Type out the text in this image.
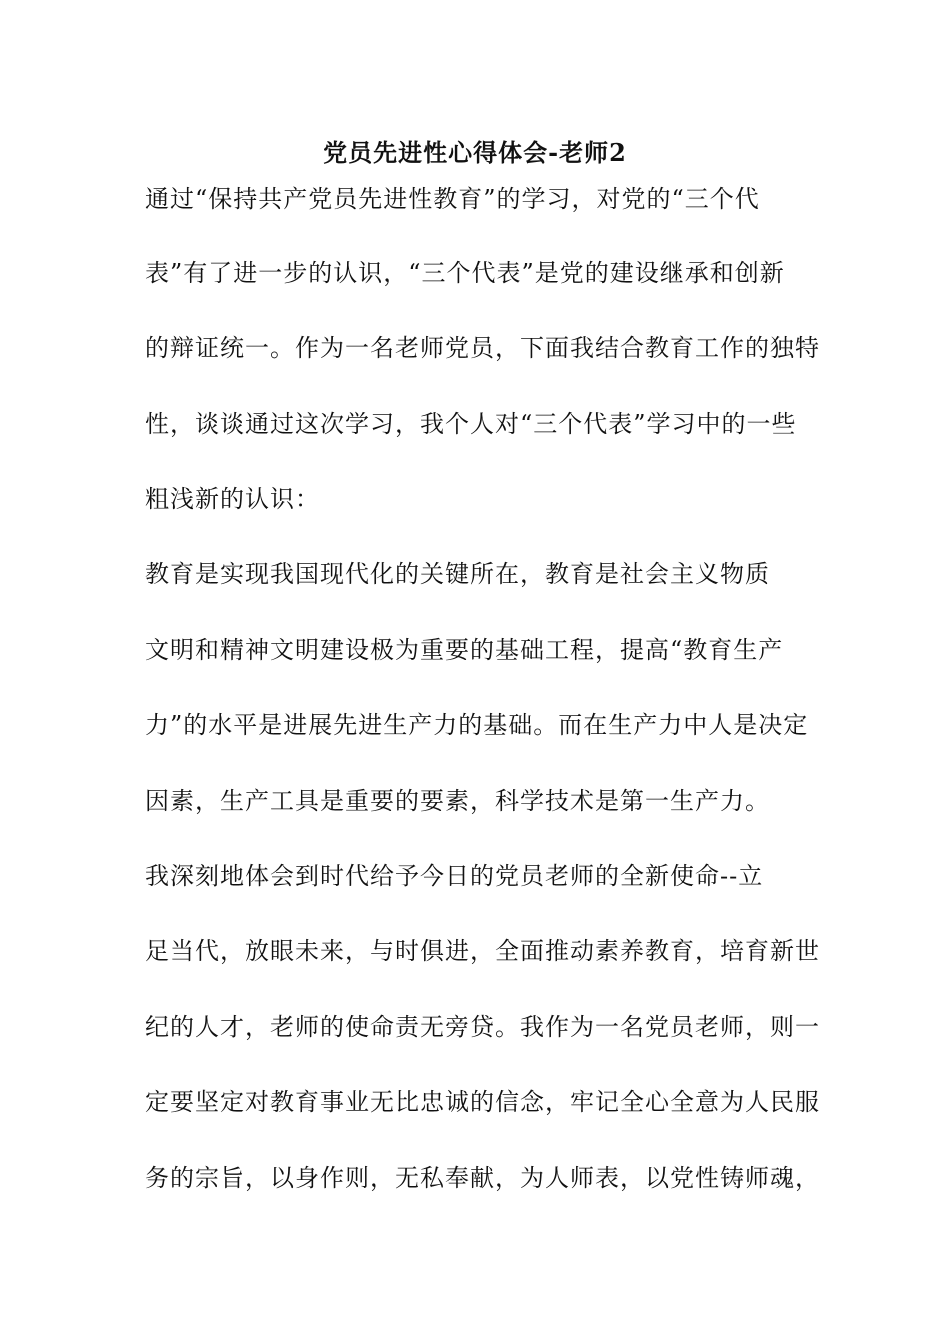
党员先进性心得体会-老师2
通过“保持共产党员先进性教育”的学习，对党的“三个代
表”有了进一步的认识，“三个代表”是党的建设继承和创新
的辩证统一。作为一名老师党员，下面我结合教育工作的独特
性，谈谈通过这次学习，我个人对“三个代表”学习中的一些
粗浅新的认识：
教育是实现我国现代化的关键所在，教育是社会主义物质
文明和精神文明建设极为重要的基础工程，提高“教育生产
力”的水平是进展先进生产力的基础。而在生产力中人是决定
因素，生产工具是重要的要素，科学技术是第一生产力。
我深刻地体会到时代给予今日的党员老师的全新使命--立
足当代，放眼未来，与时俱进，全面推动素养教育，培育新世
纪的人才，老师的使命责无旁贷。我作为一名党员老师，则一
定要坚定对教育事业无比忠诚的信念，牢记全心全意为人民服
务的宗旨，以身作则，无私奉献，为人师表，以党性铸师魂，
